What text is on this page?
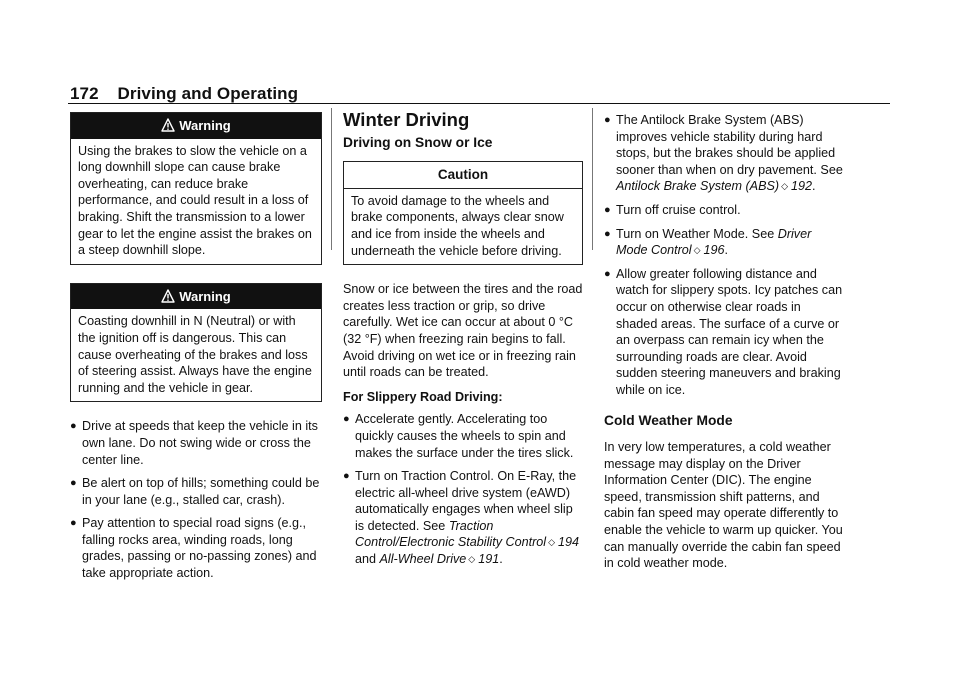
172 Driving and Operating
Warning
Using the brakes to slow the vehicle on a long downhill slope can cause brake overheating, can reduce brake performance, and could result in a loss of braking. Shift the transmission to a lower gear to let the engine assist the brakes on a steep downhill slope.
Warning
Coasting downhill in N (Neutral) or with the ignition off is dangerous. This can cause overheating of the brakes and loss of steering assist. Always have the engine running and the vehicle in gear.
● Drive at speeds that keep the vehicle in its own lane. Do not swing wide or cross the center line.
● Be alert on top of hills; something could be in your lane (e.g., stalled car, crash).
● Pay attention to special road signs (e.g., falling rocks area, winding roads, long grades, passing or no-passing zones) and take appropriate action.
Winter Driving
Driving on Snow or Ice
Caution
To avoid damage to the wheels and brake components, always clear snow and ice from inside the wheels and underneath the vehicle before driving.

Snow or ice between the tires and the road creates less traction or grip, so drive carefully. Wet ice can occur at about 0 °C (32 °F) when freezing rain begins to fall. Avoid driving on wet ice or in freezing rain until roads can be treated.

For Slippery Road Driving:
● Accelerate gently. Accelerating too quickly causes the wheels to spin and makes the surface under the tires slick.
● Turn on Traction Control. On E-Ray, the electric all-wheel drive system (eAWD) automatically engages when wheel slip is detected. See Traction Control/Electronic Stability Control ◇ 194 and All-Wheel Drive ◇ 191.
● The Antilock Brake System (ABS) improves vehicle stability during hard stops, but the brakes should be applied sooner than when on dry pavement. See Antilock Brake System (ABS) ◇ 192.
● Turn off cruise control.
● Turn on Weather Mode. See Driver Mode Control ◇ 196.
● Allow greater following distance and watch for slippery spots. Icy patches can occur on otherwise clear roads in shaded areas. The surface of a curve or an overpass can remain icy when the surrounding roads are clear. Avoid sudden steering maneuvers and braking while on ice.
Cold Weather Mode

In very low temperatures, a cold weather message may display on the Driver Information Center (DIC). The engine speed, transmission shift patterns, and cabin fan speed may operate differently to enable the vehicle to warm up quicker. You can manually override the cabin fan speed in cold weather mode.
